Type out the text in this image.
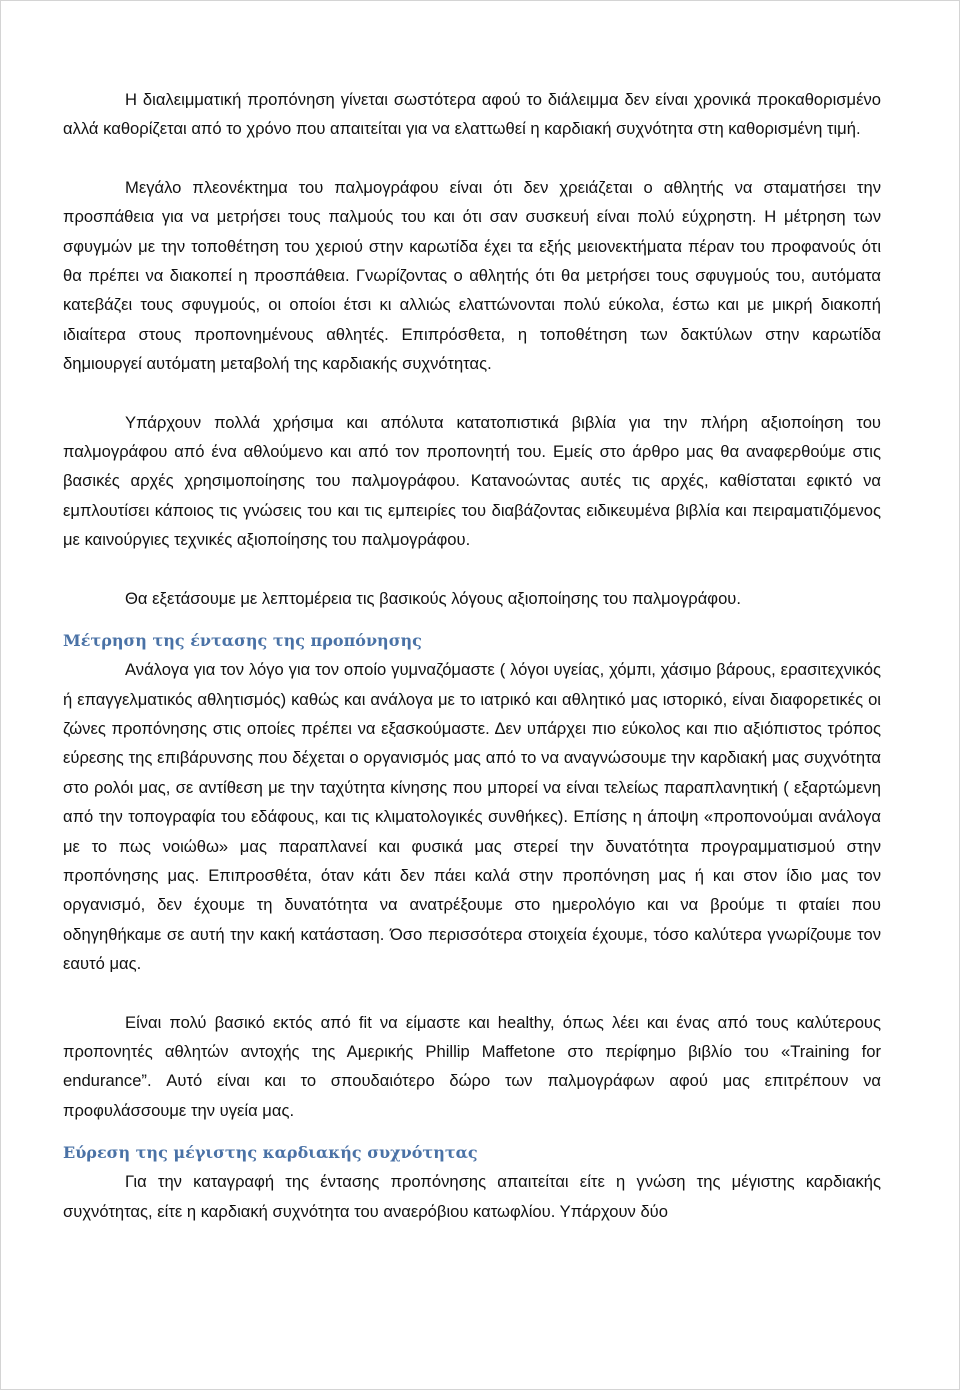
Η διαλειμματική προπόνηση γίνεται σωστότερα αφού το διάλειμμα δεν είναι χρονικά προκαθορισμένο αλλά καθορίζεται από το χρόνο που απαιτείται για να ελαττωθεί η καρδιακή συχνότητα στη καθορισμένη τιμή.

Μεγάλο πλεονέκτημα του παλμογράφου είναι ότι δεν χρειάζεται ο αθλητής να σταματήσει την προσπάθεια για να μετρήσει τους παλμούς του και ότι σαν συσκευή είναι πολύ εύχρηστη. Η μέτρηση των σφυγμών με την τοποθέτηση του χεριού στην καρωτίδα έχει τα εξής μειονεκτήματα πέραν του προφανούς ότι θα πρέπει να διακοπεί η προσπάθεια. Γνωρίζοντας ο αθλητής ότι θα μετρήσει τους σφυγμούς του, αυτόματα κατεβάζει τους σφυγμούς, οι οποίοι έτσι κι αλλιώς ελαττώνονται πολύ εύκολα, έστω και με μικρή διακοπή ιδιαίτερα στους προπονημένους αθλητές. Επιπρόσθετα, η τοποθέτηση των δακτύλων στην καρωτίδα δημιουργεί αυτόματη μεταβολή της καρδιακής συχνότητας.

Υπάρχουν πολλά χρήσιμα και απόλυτα κατατοπιστικά βιβλία για την πλήρη αξιοποίηση του παλμογράφου από ένα αθλούμενο και από τον προπονητή του. Εμείς στο άρθρο μας θα αναφερθούμε στις βασικές αρχές χρησιμοποίησης του παλμογράφου. Κατανοώντας αυτές τις αρχές, καθίσταται εφικτό να εμπλουτίσει κάποιος τις γνώσεις του και τις εμπειρίες του διαβάζοντας ειδικευμένα βιβλία και πειραματιζόμενος με καινούργιες τεχνικές αξιοποίησης του παλμογράφου.

Θα εξετάσουμε με λεπτομέρεια τις βασικούς λόγους αξιοποίησης του παλμογράφου.

Μέτρηση της έντασης της προπόνησης

Ανάλογα για τον λόγο για τον οποίο γυμναζόμαστε ( λόγοι υγείας, χόμπι, χάσιμο βάρους, ερασιτεχνικός ή επαγγελματικός αθλητισμός) καθώς και ανάλογα με το ιατρικό και αθλητικό μας ιστορικό, είναι διαφορετικές οι ζώνες προπόνησης στις οποίες πρέπει να εξασκούμαστε. Δεν υπάρχει πιο εύκολος και πιο αξιόπιστος τρόπος εύρεσης της επιβάρυνσης που δέχεται ο οργανισμός μας από το να αναγνώσουμε την καρδιακή μας συχνότητα στο ρολόι μας, σε αντίθεση με την ταχύτητα κίνησης που μπορεί να είναι τελείως παραπλανητική ( εξαρτώμενη από την τοπογραφία του εδάφους, και τις κλιματολογικές συνθήκες). Επίσης η άποψη «προπονούμαι ανάλογα με το πως νοιώθω» μας παραπλανεί και φυσικά μας στερεί την δυνατότητα προγραμματισμού στην προπόνησης μας. Επιπροσθέτα, όταν κάτι δεν πάει καλά στην προπόνηση μας ή και στον ίδιο μας τον οργανισμό, δεν έχουμε τη δυνατότητα να ανατρέξουμε στο ημερολόγιο και να βρούμε τι φταίει που οδηγηθήκαμε σε αυτή την κακή κατάσταση. Όσο περισσότερα στοιχεία έχουμε, τόσο καλύτερα γνωρίζουμε τον εαυτό μας.

Είναι πολύ βασικό εκτός από fit να είμαστε και healthy, όπως λέει και ένας από τους καλύτερους προπονητές αθλητών αντοχής της Αμερικής Phillip Maffetone στο περίφημο βιβλίο του «Training for endurance”. Αυτό είναι και το σπουδαιότερο δώρο των παλμογράφων αφού μας επιτρέπουν να προφυλάσσουμε την υγεία μας.

Εύρεση της μέγιστης καρδιακής συχνότητας

Για την καταγραφή της έντασης προπόνησης απαιτείται είτε η γνώση της μέγιστης καρδιακής συχνότητας, είτε η καρδιακή συχνότητα του αναερόβιου κατωφλίου. Υπάρχουν δύο
